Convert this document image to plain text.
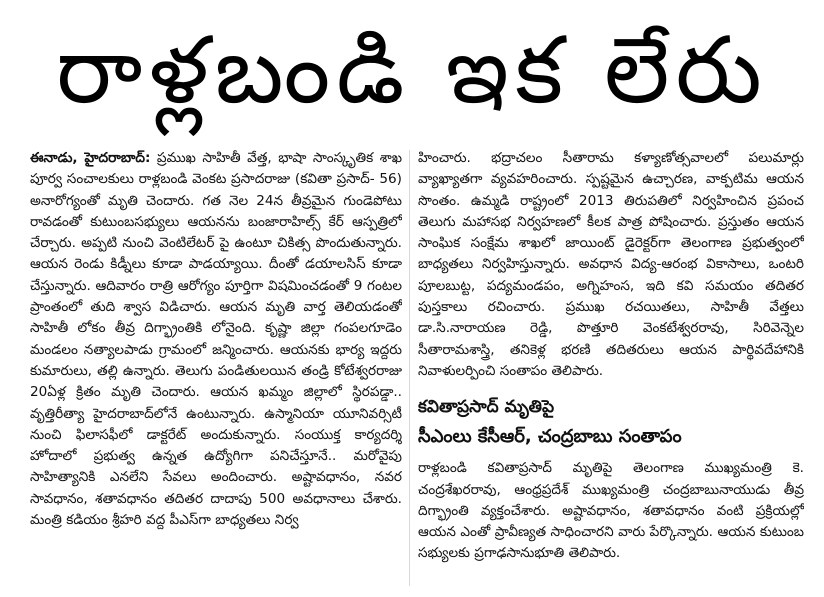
రాళ్లబండి ఇక లేరు

ఈనాడు, హైదరాబాద్: ప్రముఖ సాహితీ వేత్త, భాషా సాంస్కృతిక శాఖ పూర్వ సంచాలకులు రాళ్లబండి వెంకట ప్రసాదరాజు (కవితా ప్రసాద్- 56) అనారోగ్యంతో మృతి చెందారు. గత నెల 24న తీవ్రమైన గుండెపోటు రావడంతో కుటుంబసభ్యులు ఆయనను బంజారాహిల్స్ కేర్ ఆస్పత్రిలో చేర్చారు. అప్పటి నుంచి వెంటిలేటర్ పై ఉంటూ చికిత్స పొందుతున్నారు. ఆయన రెండు కిడ్నీలు కూడా పాడయ్యాయి. దీంతో డయాలసిస్ కూడా చేస్తున్నారు. ఆదివారం రాత్రి ఆరోగ్యం పూర్తిగా విషమించడంతో 9 గంటల ప్రాంతంలో తుది శ్వాస విడిచారు. ఆయన మృతి వార్త తెలియడంతో సాహితీ లోకం తీవ్ర దిగ్భ్రాంతికి లోనైంది. కృష్ణా జిల్లా గంపలగూడెం మండలం నత్యాలపాడు గ్రామంలో జన్మించారు. ఆయనకు భార్య ఇద్దరు కుమారులు, తల్లి ఉన్నారు. తెలుగు పండితులయిన తండ్రి కోటేశ్వరరాజు 20ఏళ్ల క్రితం మృతి చెందారు. ఆయన ఖమ్మం జిల్లాలో స్థిరపడ్డా.. వృత్తిరీత్యా హైదరాబాద్‌లోనే ఉంటున్నారు. ఉస్మానియా యూనివర్సిటీ నుంచి ఫిలాసఫీలో డాక్టరేట్ అందుకున్నారు. సంయుక్త కార్యదర్శి హోదాలో ప్రభుత్వ ఉన్నత ఉద్యోగిగా పనిచేస్తూనే.. మరోవైపు సాహిత్యానికి ఎనలేని సేవలు అందించారు. అష్టావధానం, నవర సావధానం, శతావధానం తదితర దాదాపు 500 అవధానాలు చేశారు. మంత్రి కడియం శ్రీహరి వద్ద పీఎస్‌గా బాధ్యతలు నిర్వ

హించారు. భద్రాచలం సీతారామ కళ్యాణోత్సవాలలో పలుమార్లు వ్యాఖ్యాతగా వ్యవహరించారు. స్పష్టమైన ఉచ్చారణ, వాక్పటిమ ఆయన సొంతం. ఉమ్మడి రాష్ట్రంలో 2013 తిరుపతిలో నిర్వహించిన ప్రపంచ తెలుగు మహాసభ నిర్వహణలో కీలక పాత్ర పోషించారు. ప్రస్తుతం ఆయన సాంఘిక సంక్షేమ శాఖలో జాయింట్ డైరెక్టర్‌గా తెలంగాణ ప్రభుత్వంలో బాధ్యతలు నిర్వహిస్తున్నారు. అవధాన విద్య-ఆరంభ వికాసాలు, ఒంటరి పూలబుట్ట, పద్యమండపం, అగ్నిహంస, ఇది కవి సమయం తదితర పుస్తకాలు రచించారు. ప్రముఖ రచయితలు, సాహితీ వేత్తలు డా.సి.నారాయణ రెడ్డి, పొత్తూరి వెంకటేశ్వరరావు, సిరివెన్నెల సీతారామశాస్త్రి, తనికెళ్ల భరణి తదితరులు ఆయన పార్థివదేహానికి నివాళులర్పించి సంతాపం తెలిపారు.

కవితాప్రసాద్ మృతిపై

సీఎంలు కేసీఆర్, చంద్రబాబు సంతాపం

రాళ్లబండి కవితాప్రసాద్ మృతిపై తెలంగాణ ముఖ్యమంత్రి కె. చంద్రశేఖరరావు, ఆంధ్రప్రదేశ్ ముఖ్యమంత్రి చంద్రబాబునాయుడు తీవ్ర దిగ్భ్రాంతి వ్యక్తంచేశారు. అష్టావధానం, శతావధానం వంటి ప్రక్రియల్లో ఆయన ఎంతో ప్రావీణ్యత సాధించారని వారు పేర్కొన్నారు. ఆయన కుటుంబ సభ్యులకు ప్రగాఢసానుభూతి తెలిపారు.
